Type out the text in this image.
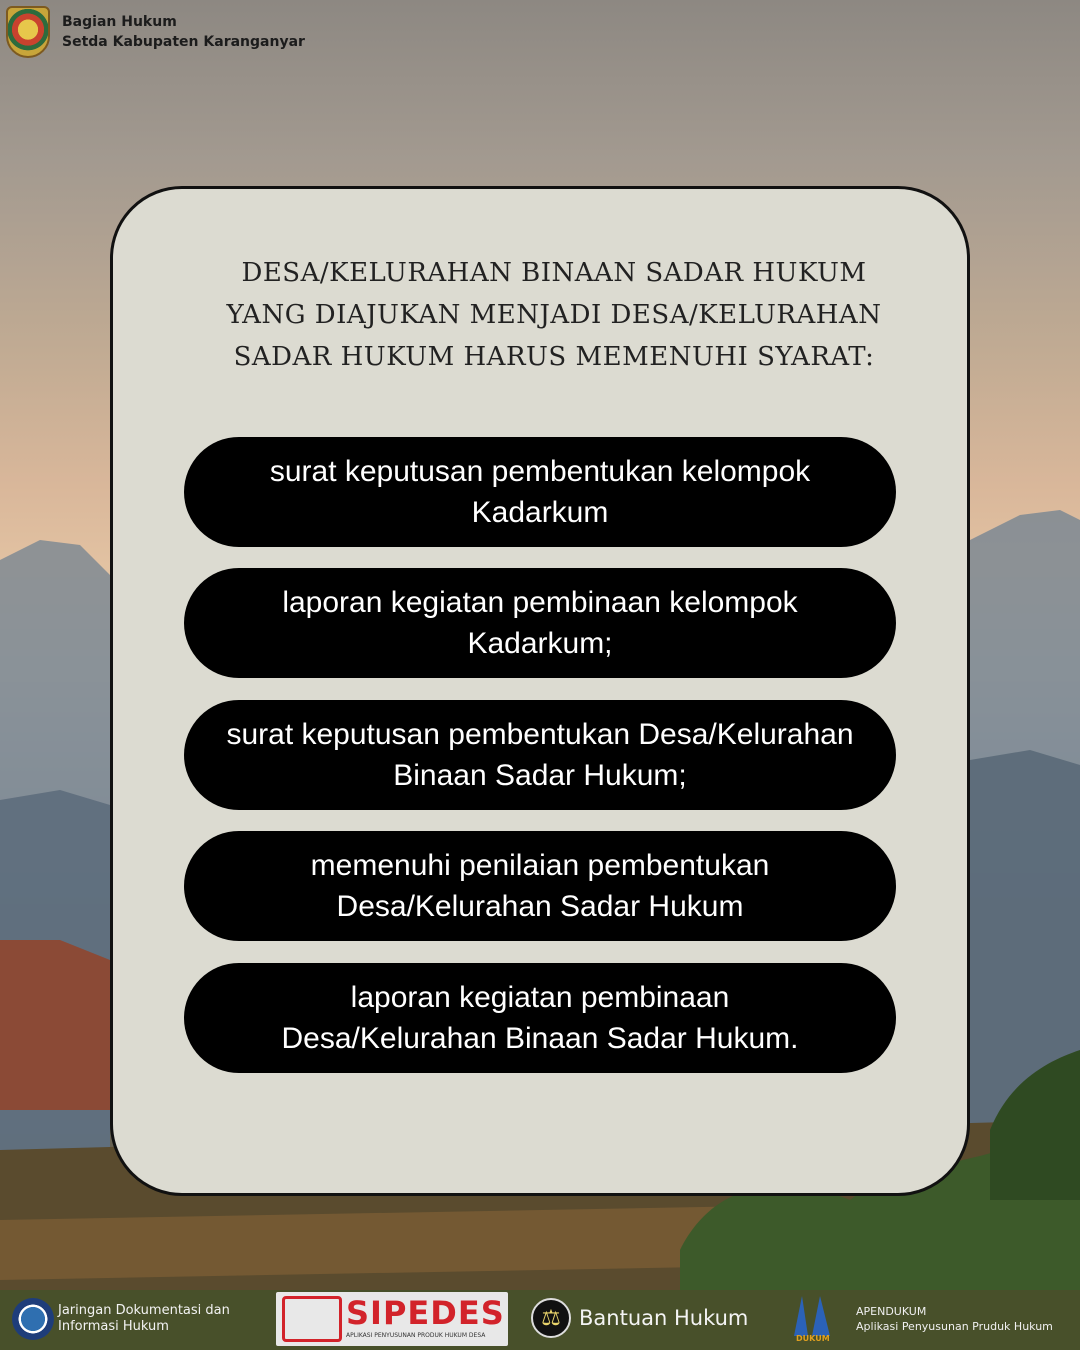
Bagian Hukum
Setda Kabupaten Karanganyar
DESA/KELURAHAN BINAAN SADAR HUKUM
YANG DIAJUKAN MENJADI DESA/KELURAHAN
SADAR HUKUM HARUS MEMENUHI SYARAT:
surat keputusan pembentukan kelompok
Kadarkum
laporan kegiatan pembinaan kelompok
Kadarkum;
surat keputusan pembentukan Desa/Kelurahan
Binaan Sadar Hukum;
memenuhi penilaian pembentukan
Desa/Kelurahan Sadar Hukum
laporan kegiatan pembinaan
Desa/Kelurahan Binaan Sadar Hukum.
Jaringan Dokumentasi dan
Informasi Hukum	SIPEDES
APLIKASI PENYUSUNAN PRODUK HUKUM DESA
⚖ Bantuan Hukum
DUKUM
APENDUKUM
Aplikasi Penyusunan Pruduk Hukum
